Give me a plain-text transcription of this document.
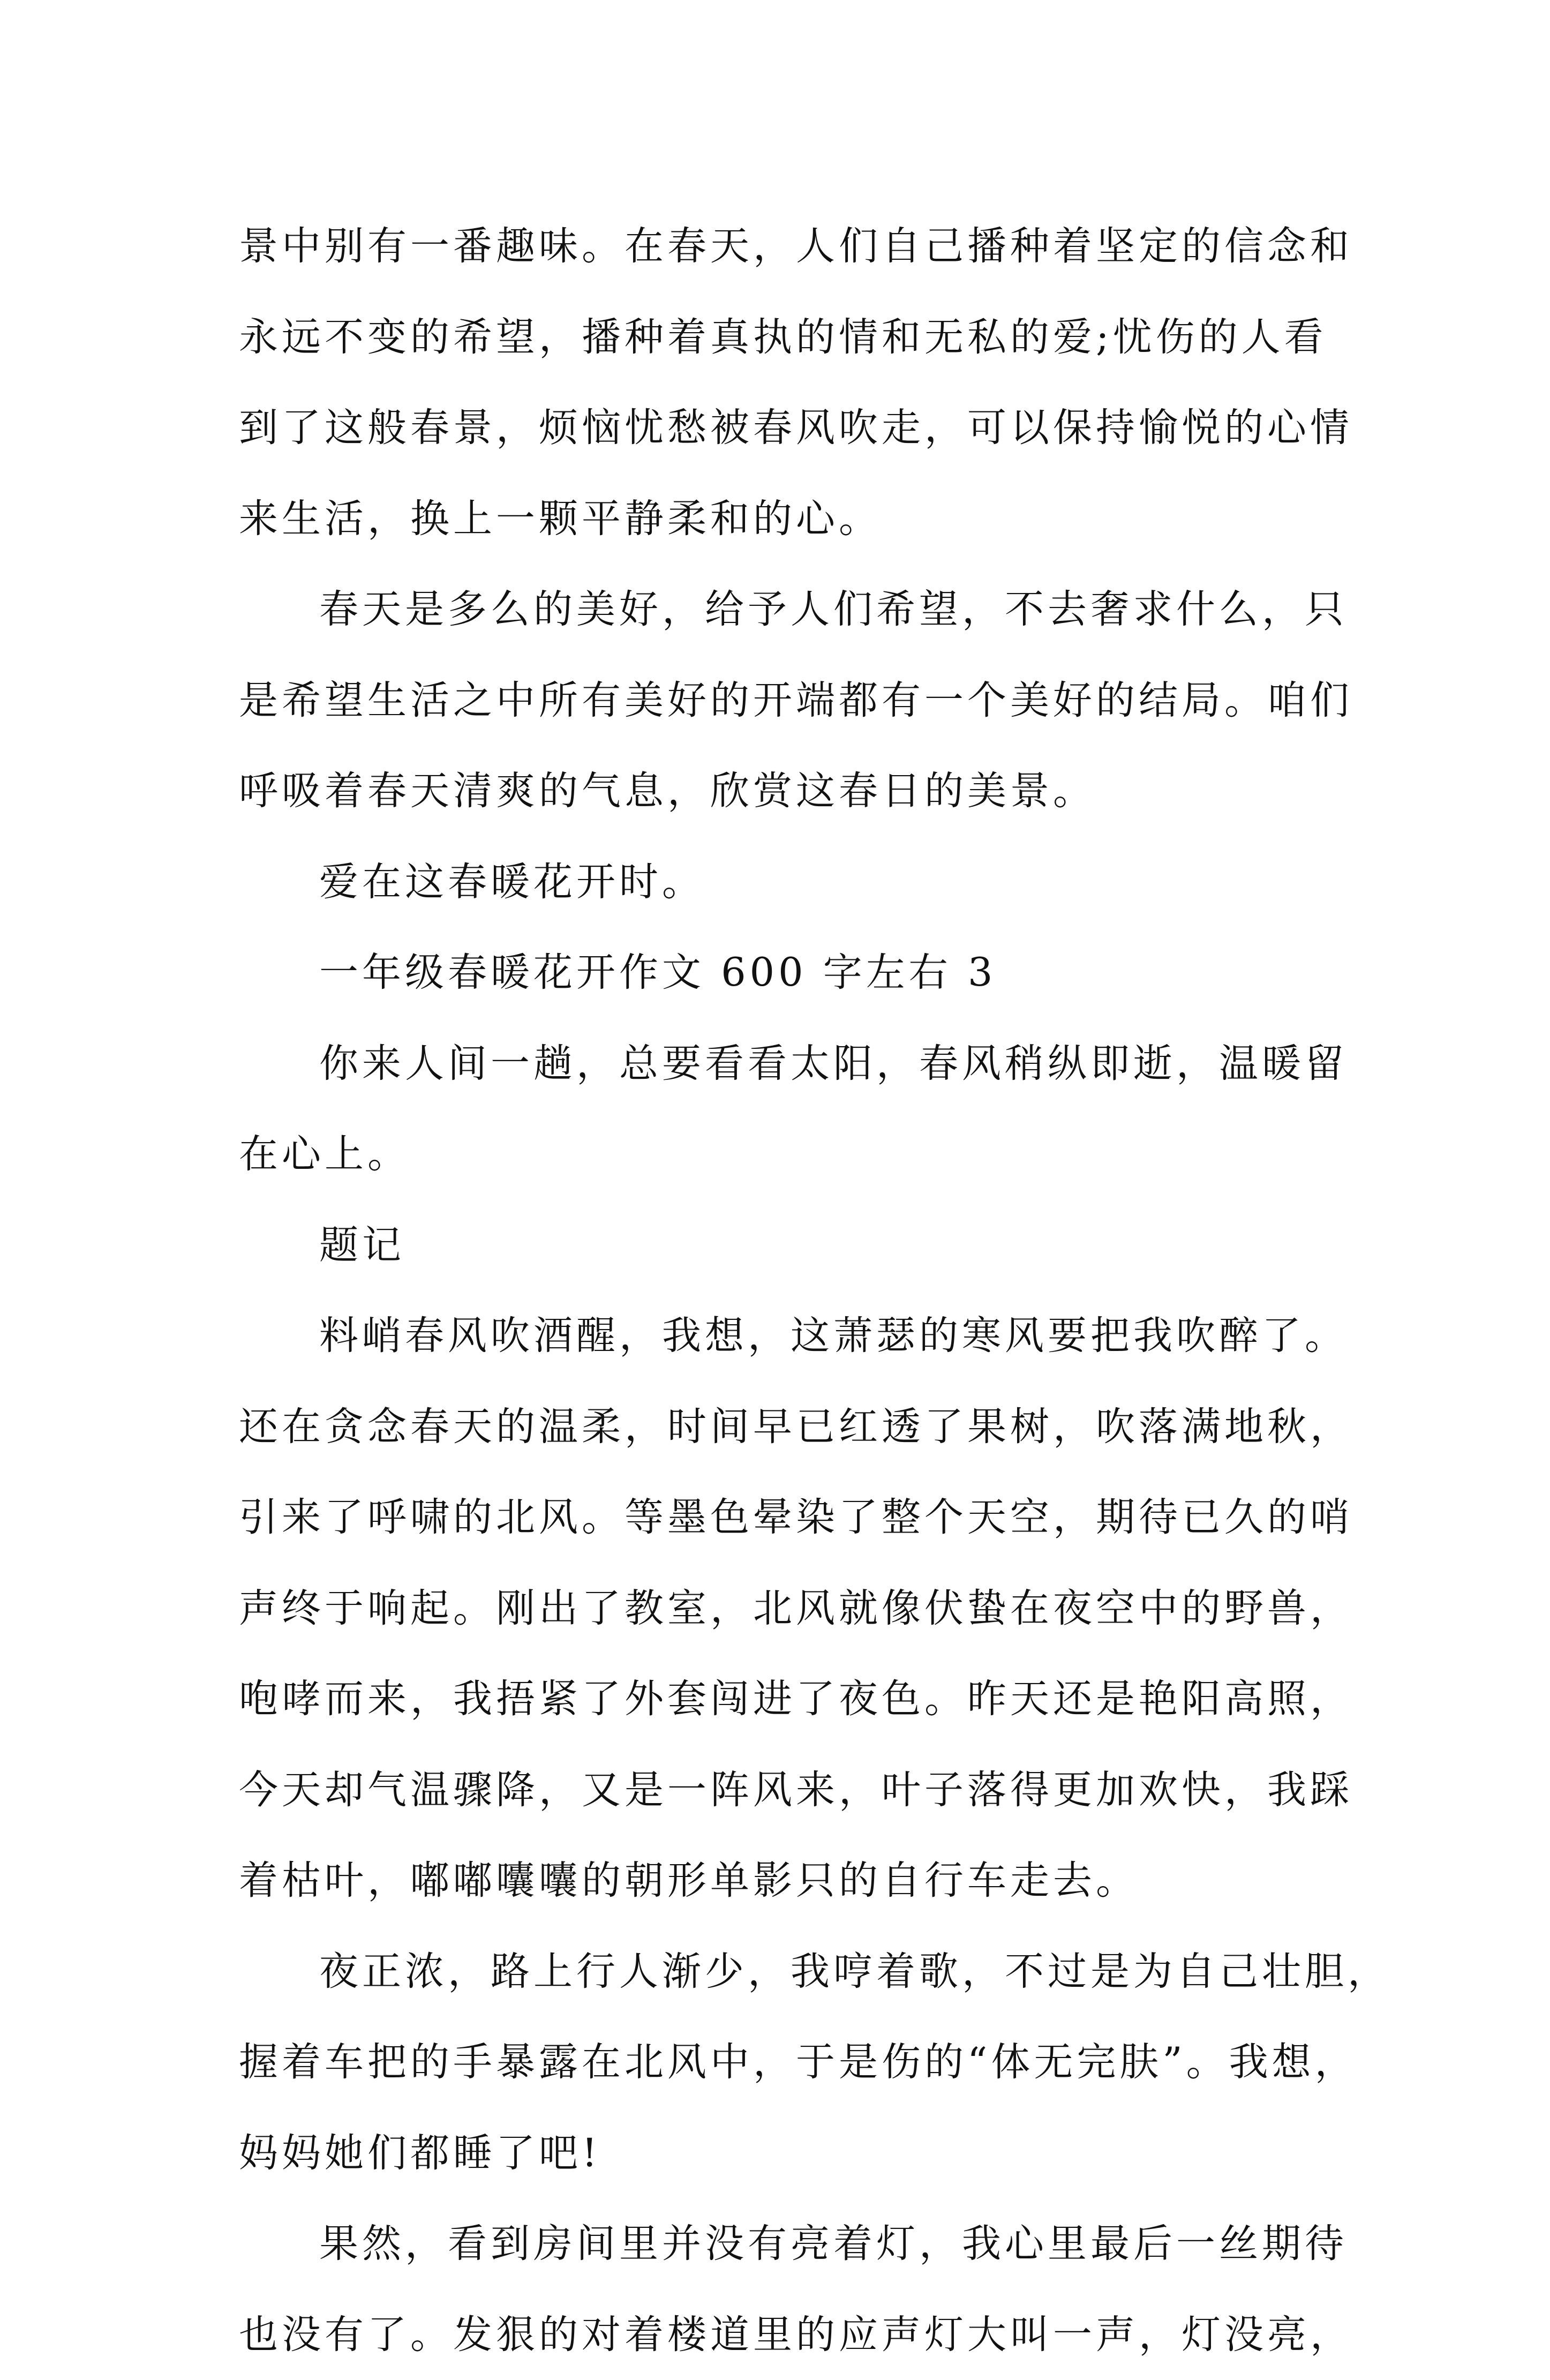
景中别有一番趣味。在春天，人们自己播种着坚定的信念和
永远不变的希望，播种着真执的情和无私的爱;忧伤的人看
到了这般春景，烦恼忧愁被春风吹走，可以保持愉悦的心情
来生活，换上一颗平静柔和的心。
春天是多么的美好，给予人们希望，不去奢求什么，只
是希望生活之中所有美好的开端都有一个美好的结局。咱们
呼吸着春天清爽的气息，欣赏这春日的美景。
爱在这春暖花开时。
一年级春暖花开作文 600 字左右 3
你来人间一趟，总要看看太阳，春风稍纵即逝，温暖留
在心上。
题记
料峭春风吹酒醒，我想，这萧瑟的寒风要把我吹醉了。
还在贪念春天的温柔，时间早已红透了果树，吹落满地秋，
引来了呼啸的北风。等墨色晕染了整个天空，期待已久的哨
声终于响起。刚出了教室，北风就像伏蛰在夜空中的野兽，
咆哮而来，我捂紧了外套闯进了夜色。昨天还是艳阳高照，
今天却气温骤降，又是一阵风来，叶子落得更加欢快，我踩
着枯叶，嘟嘟囔囔的朝形单影只的自行车走去。
夜正浓，路上行人渐少，我哼着歌，不过是为自己壮胆，
握着车把的手暴露在北风中，于是伤的“体无完肤”。我想，
妈妈她们都睡了吧!
果然，看到房间里并没有亮着灯，我心里最后一丝期待
也没有了。发狠的对着楼道里的应声灯大叫一声，灯没亮，
